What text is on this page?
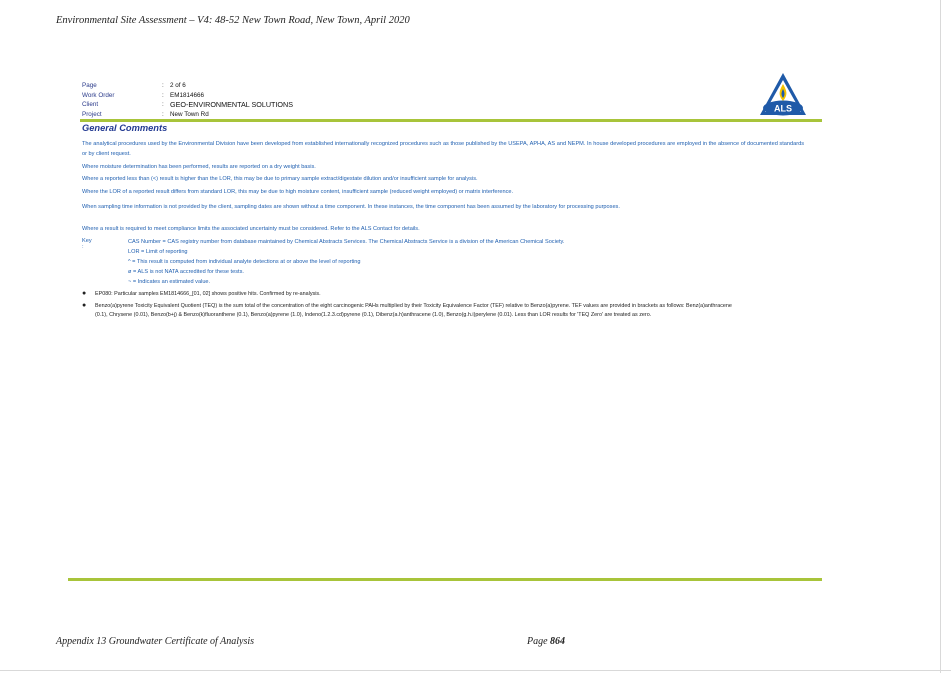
Environmental Site Assessment – V4: 48-52 New Town Road, New Town, April 2020
Page	: 2 of 6
Work Order	: EM1814666
Client	: GEO-ENVIRONMENTAL SOLUTIONS
Project	: New Town Rd
ALS
General Comments
The analytical procedures used by the Environmental Division have been developed from established internationally recognized procedures such as those published by the USEPA, APHA, AS and NEPM. In house developed procedures are employed in the absence of documented standards or by client request.
Where moisture determination has been performed, results are reported on a dry weight basis.
Where a reported less than (<) result is higher than the LOR, this may be due to primary sample extract/digestate dilution and/or insufficient sample for analysis.
Where the LOR of a reported result differs from standard LOR, this may be due to high moisture content, insufficient sample (reduced weight employed) or matrix interference.
When sampling time information is not provided by the client, sampling dates are shown without a time component. In these instances, the time component has been assumed by the laboratory for processing purposes.
Where a result is required to meet compliance limits the associated uncertainty must be considered. Refer to the ALS Contact for details.
Key :
CAS Number = CAS registry number from database maintained by Chemical Abstracts Services. The Chemical Abstracts Service is a division of the American Chemical Society.
LOR = Limit of reporting
^ = This result is computed from individual analyte detections at or above the level of reporting
ø = ALS is not NATA accredited for these tests.
~ = Indicates an estimated value.
● EP080: Particular samples EM1814666_[01, 02] shows positive hits. Confirmed by re-analysis.
● Benzo(a)pyrene Toxicity Equivalent Quotient (TEQ) is the sum total of the concentration of the eight carcinogenic PAHs multiplied by their Toxicity Equivalence Factor (TEF) relative to Benzo(a)pyrene. TEF values are provided in brackets as follows: Benz(a)anthracene (0.1), Chrysene (0.01), Benzo(b+j) & Benzo(k)fluoranthene (0.1), Benzo(a)pyrene (1.0), Indeno(1.2.3.cd)pyrene (0.1), Dibenz(a.h)anthracene (1.0), Benzo(g.h.i)perylene (0.01). Less than LOR results for 'TEQ Zero' are treated as zero.
Appendix 13 Groundwater Certificate of Analysis	Page 864
